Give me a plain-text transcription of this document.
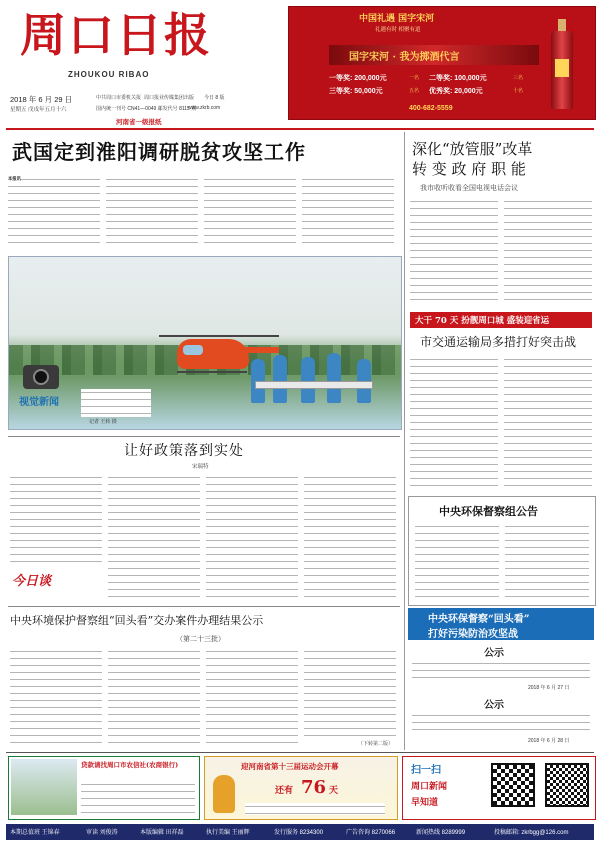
周口日报
ZHOUKOU RIBAO
2018 年 6 月 29 日
星期五 戊戌年五月十六
中共周口市委机关报 周口报业传媒集团出版 今日 8 版
国内统一刊号 CN41—0049 邮发代号 8115 期
www.zkrb.com
河南省一级报纸
中国礼遇 国字宋河
礼遇有时 相聚有道
国字宋河 · 我为掷酒代言
一等奖: 200,000元	一名 二等奖: 100,000元	三名
三等奖: 50,000元	五名 优秀奖: 20,000元	十名
400-682-5559
武国定到淮阳调研脱贫攻坚工作
本报讯
视觉新闻
记者 王转 摄
让好政策落到实处
宋瑞特
今日谈
中央环境保护督察组“回头看”交办案件办理结果公示
（第二十三批）
（下转第二版）
深化“放管服”改革
转 变 政 府 职 能
我市收听收看全国电视电话会议
大干 70 天 扮靓周口城 盛装迎省运
市交通运输局多措打好突击战
中央环保督察组公告
中央环保督察“回头看”
打好污染防治攻坚战
公示
2018 年 6 月 27 日
公示
2018 年 6 月 28 日
贷款请找周口市农信社(农商银行)	迎河南省第十三届运动会开幕
还有 76 天
扫一扫
周口新闻
早知道
本期总值班 王锦春	审读 刘俊涛	本版编辑 田祥磊	执行美编 王丽辉	发行服务 8234300	广告咨询 8270066	新闻热线 8289999	投稿邮箱: zkrbgg@126.com
